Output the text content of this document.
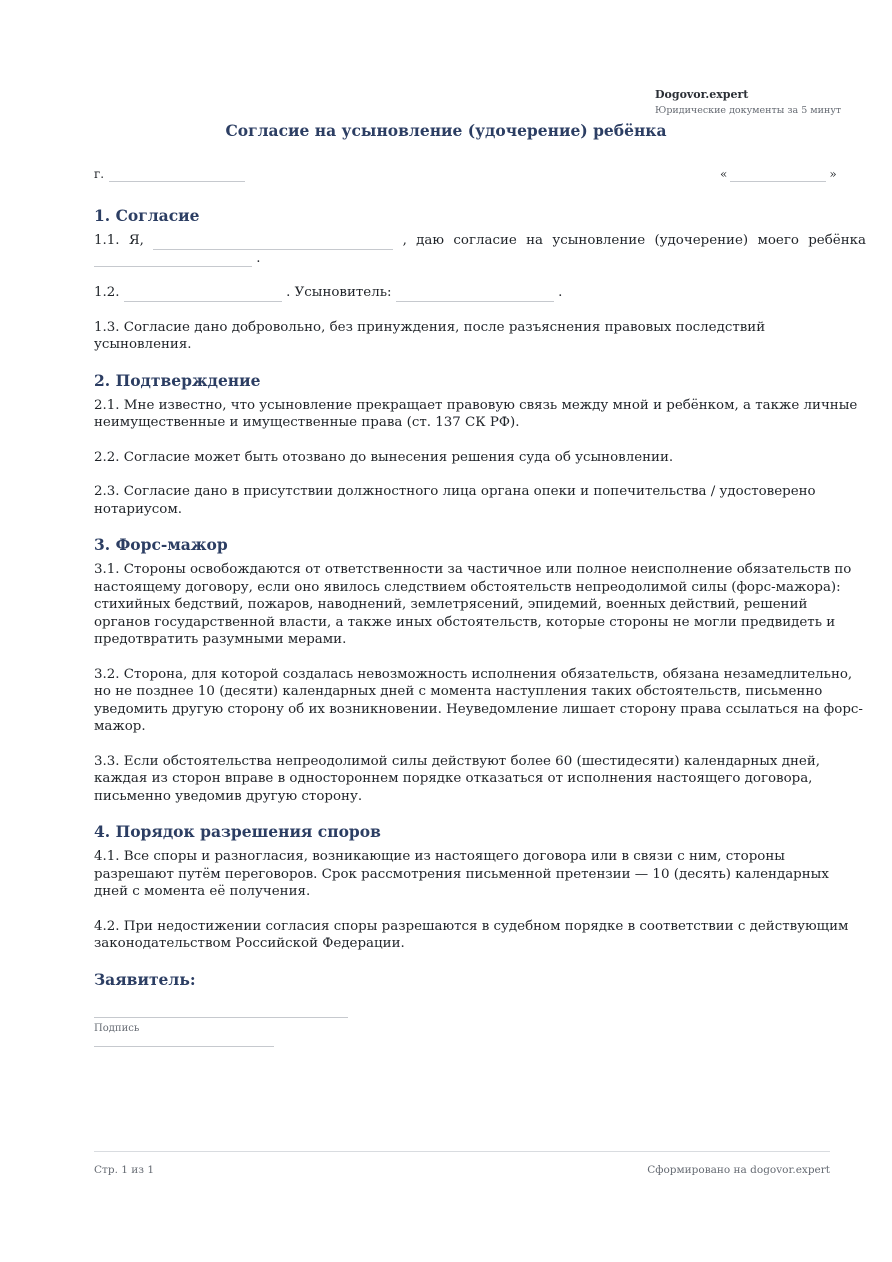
Dogovor.expert
Юридические документы за 5 минут
Согласие на усыновление (удочерение) ребёнка
г.	«	»
1. Согласие

1.1. Я,	, даю согласие на усыновление (удочерение) моего ребёнка

.

1.2.	. Усыновитель:	.

1.3. Согласие дано добровольно, без принуждения, после разъяснения правовых последствий усыновления.

2. Подтверждение

2.1. Мне известно, что усыновление прекращает правовую связь между мной и ребёнком, а также личные неимущественные и имущественные права (ст. 137 СК РФ).

2.2. Согласие может быть отозвано до вынесения решения суда об усыновлении.

2.3. Согласие дано в присутствии должностного лица органа опеки и попечительства / удостоверено нотариусом.

3. Форс-мажор

3.1. Стороны освобождаются от ответственности за частичное или полное неисполнение обязательств по настоящему договору, если оно явилось следствием обстоятельств непреодолимой силы (форс-мажора): стихийных бедствий, пожаров, наводнений, землетрясений, эпидемий, военных действий, решений органов государственной власти, а также иных обстоятельств, которые стороны не могли предвидеть и предотвратить разумными мерами.

3.2. Сторона, для которой создалась невозможность исполнения обязательств, обязана незамедлительно, но не позднее 10 (десяти) календарных дней с момента наступления таких обстоятельств, письменно уведомить другую сторону об их возникновении. Неуведомление лишает сторону права ссылаться на форс-мажор.

3.3. Если обстоятельства непреодолимой силы действуют более 60 (шестидесяти) календарных дней, каждая из сторон вправе в одностороннем порядке отказаться от исполнения настоящего договора, письменно уведомив другую сторону.

4. Порядок разрешения споров

4.1. Все споры и разногласия, возникающие из настоящего договора или в связи с ним, стороны разрешают путём переговоров. Срок рассмотрения письменной претензии — 10 (десять) календарных дней с момента её получения.

4.2. При недостижении согласия споры разрешаются в судебном порядке в соответствии с действующим законодательством Российской Федерации.

Заявитель:
Подпись
Стр. 1 из 1	Сформировано на dogovor.expert
